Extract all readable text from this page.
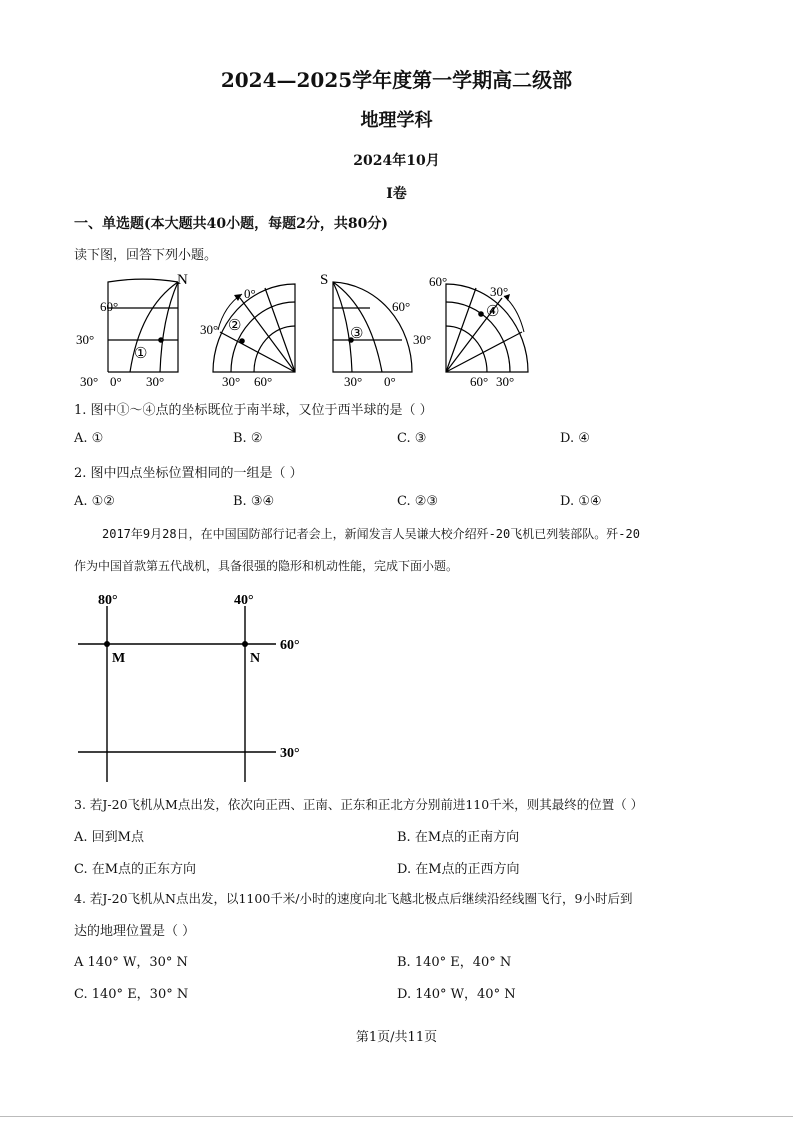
2024—2025学年度第一学期高二级部
地理学科
2024年10月
I卷
一、单选题(本大题共40小题，每题2分，共80分)
读下图，回答下列小题。
N
60°
30°
①
30° 0° 30°
0°
30° ②
30° 60°
S
60°
③	30°
30° 0°
60°
30°
④
60° 30°
1. 图中①～④点的坐标既位于南半球，又位于西半球的是（ ）
A. ①	B. ②	C. ③	D. ④
2. 图中四点坐标位置相同的一组是（ ）
A. ①②	B. ③④	C. ②③	D. ①④
2017年9月28日，在中国国防部行记者会上，新闻发言人吴谦大校介绍歼-20飞机已列装部队。歼-20
作为中国首款第五代战机，具备很强的隐形和机动性能，完成下面小题。
80°	40°
60°
30°
M	N
3. 若J-20飞机从M点出发，依次向正西、正南、正东和正北方分别前进110千米，则其最终的位置（ ）
A. 回到M点	B. 在M点的正南方向
C. 在M点的正东方向	D. 在M点的正西方向
4. 若J-20飞机从N点出发，以1100千米/小时的速度向北飞越北极点后继续沿经线圈飞行，9小时后到
达的地理位置是（ ）
A 140° W，30° N	B. 140° E，40° N
C. 140° E，30° N	D. 140° W，40° N
第1页/共11页
